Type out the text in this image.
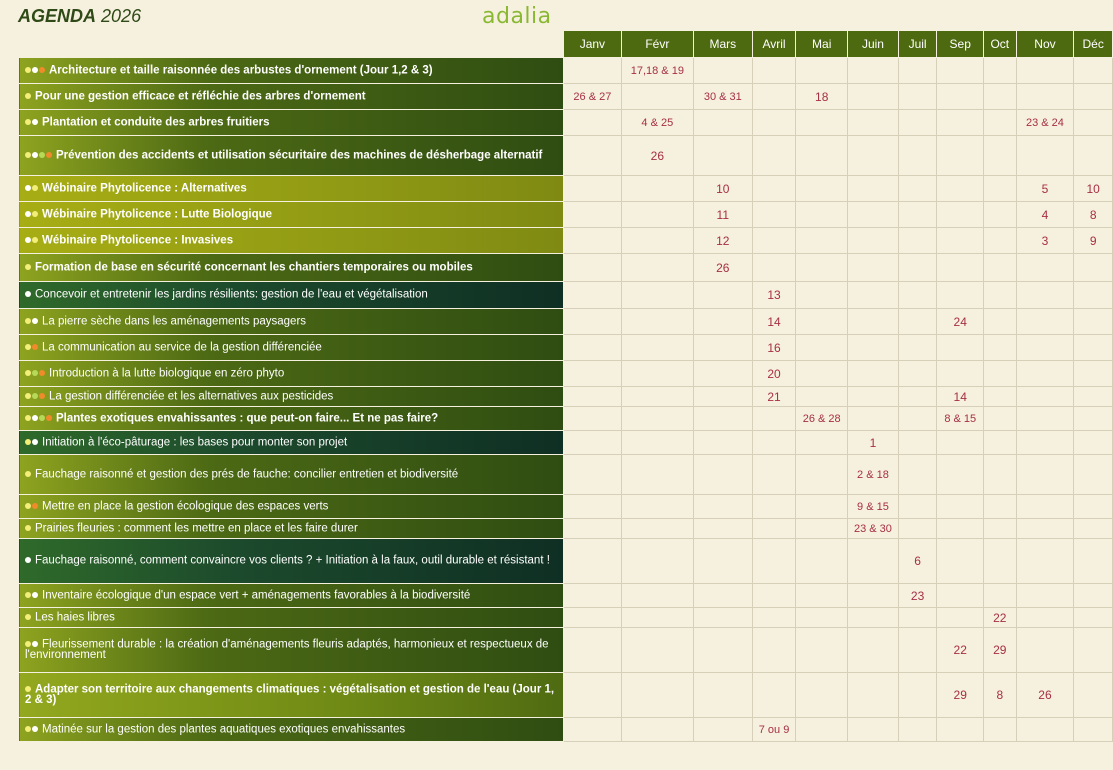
AGENDA 2026	adalia
	Janv	Févr	Mars	Avril	Mai	Juin	Juil	Sep	Oct	Nov	Déc
Architecture et taille raisonnée des arbustes d'ornement (Jour 1,2 & 3)		17,18 & 19									
Pour une gestion efficace et réfléchie des arbres d'ornement	26 & 27		30 & 31		18						
Plantation et conduite des arbres fruitiers		4 & 25								23 & 24	
Prévention des accidents et utilisation sécuritaire des machines de désherbage alternatif		26									
Wébinaire Phytolicence : Alternatives			10							5	10
Wébinaire Phytolicence : Lutte Biologique			11							4	8
Wébinaire Phytolicence : Invasives			12							3	9
Formation de base en sécurité concernant les chantiers temporaires ou mobiles			26								
Concevoir et entretenir les jardins résilients: gestion de l'eau et végétalisation				13							
La pierre sèche dans les aménagements paysagers				14				24			
La communication au service de la gestion différenciée				16							
Introduction à la lutte biologique en zéro phyto				20							
La gestion différenciée et les alternatives aux pesticides				21				14			
Plantes exotiques envahissantes : que peut-on faire... Et ne pas faire?					26 & 28			8 & 15			
Initiation à l'éco-pâturage : les bases pour monter son projet						1					
Fauchage raisonné et gestion des prés de fauche: concilier entretien et biodiversité						2 & 18					
Mettre en place la gestion écologique des espaces verts						9 & 15					
Prairies fleuries : comment les mettre en place et les faire durer						23 & 30					
Fauchage raisonné, comment convaincre vos clients ? + Initiation à la faux, outil durable et résistant !							6				
Inventaire écologique d'un espace vert + aménagements favorables à la biodiversité							23				
Les haies libres									22		
Fleurissement durable : la création d'aménagements fleuris adaptés, harmonieux et respectueux de l'environnement								22	29		
Adapter son territoire aux changements climatiques : végétalisation et gestion de l'eau (Jour 1, 2 & 3)								29	8	26	
Matinée sur la gestion des plantes aquatiques exotiques envahissantes				7 ou 9							
